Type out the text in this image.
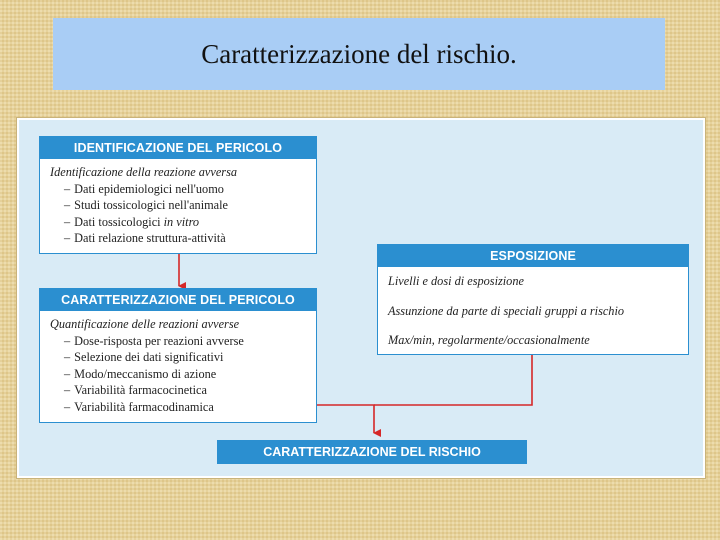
Caratterizzazione del rischio.
IDENTIFICAZIONE DEL PERICOLO
Identificazione della reazione avversa
– Dati epidemiologici nell'uomo
– Studi tossicologici nell'animale
– Dati tossicologici in vitro
– Dati relazione struttura-attività
CARATTERIZZAZIONE DEL PERICOLO
Quantificazione delle reazioni avverse
– Dose-risposta per reazioni avverse
– Selezione dei dati significativi
– Modo/meccanismo di azione
– Variabilità farmacocinetica
– Variabilità farmacodinamica
ESPOSIZIONE
Livelli e dosi di esposizione
Assunzione da parte di speciali gruppi a rischio
Max/min, regolarmente/occasionalmente
CARATTERIZZAZIONE DEL RISCHIO
